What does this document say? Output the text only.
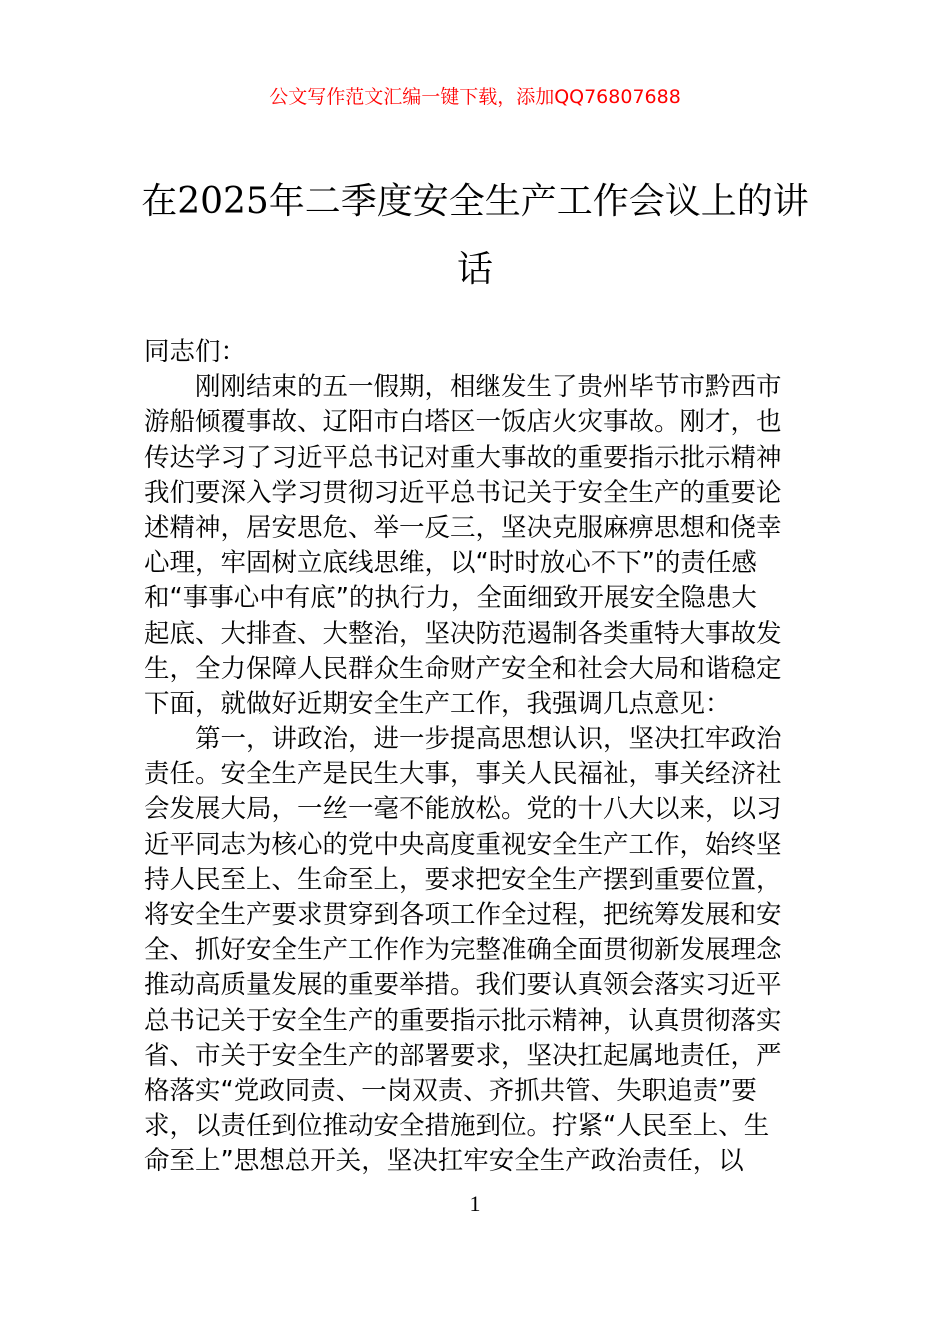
公文写作范文汇编一键下载，添加QQ76807688
在2025年二季度安全生产工作会议上的讲
话
同志们：
刚刚结束的五一假期，相继发生了贵州毕节市黔西市
游船倾覆事故、辽阳市白塔区一饭店火灾事故。刚才，也
传达学习了习近平总书记对重大事故的重要指示批示精神
我们要深入学习贯彻习近平总书记关于安全生产的重要论
述精神，居安思危、举一反三，坚决克服麻痹思想和侥幸
心理，牢固树立底线思维，以“时时放心不下”的责任感
和“事事心中有底”的执行力，全面细致开展安全隐患大
起底、大排查、大整治，坚决防范遏制各类重特大事故发
生，全力保障人民群众生命财产安全和社会大局和谐稳定
下面，就做好近期安全生产工作，我强调几点意见：
第一，讲政治，进一步提高思想认识，坚决扛牢政治
责任。安全生产是民生大事，事关人民福祉，事关经济社
会发展大局，一丝一毫不能放松。党的十八大以来，以习
近平同志为核心的党中央高度重视安全生产工作，始终坚
持人民至上、生命至上，要求把安全生产摆到重要位置，
将安全生产要求贯穿到各项工作全过程，把统筹发展和安
全、抓好安全生产工作作为完整准确全面贯彻新发展理念
推动高质量发展的重要举措。我们要认真领会落实习近平
总书记关于安全生产的重要指示批示精神，认真贯彻落实
省、市关于安全生产的部署要求，坚决扛起属地责任，严
格落实“党政同责、一岗双责、齐抓共管、失职追责”要
求，以责任到位推动安全措施到位。拧紧“人民至上、生
命至上”思想总开关，坚决扛牢安全生产政治责任，以
1
